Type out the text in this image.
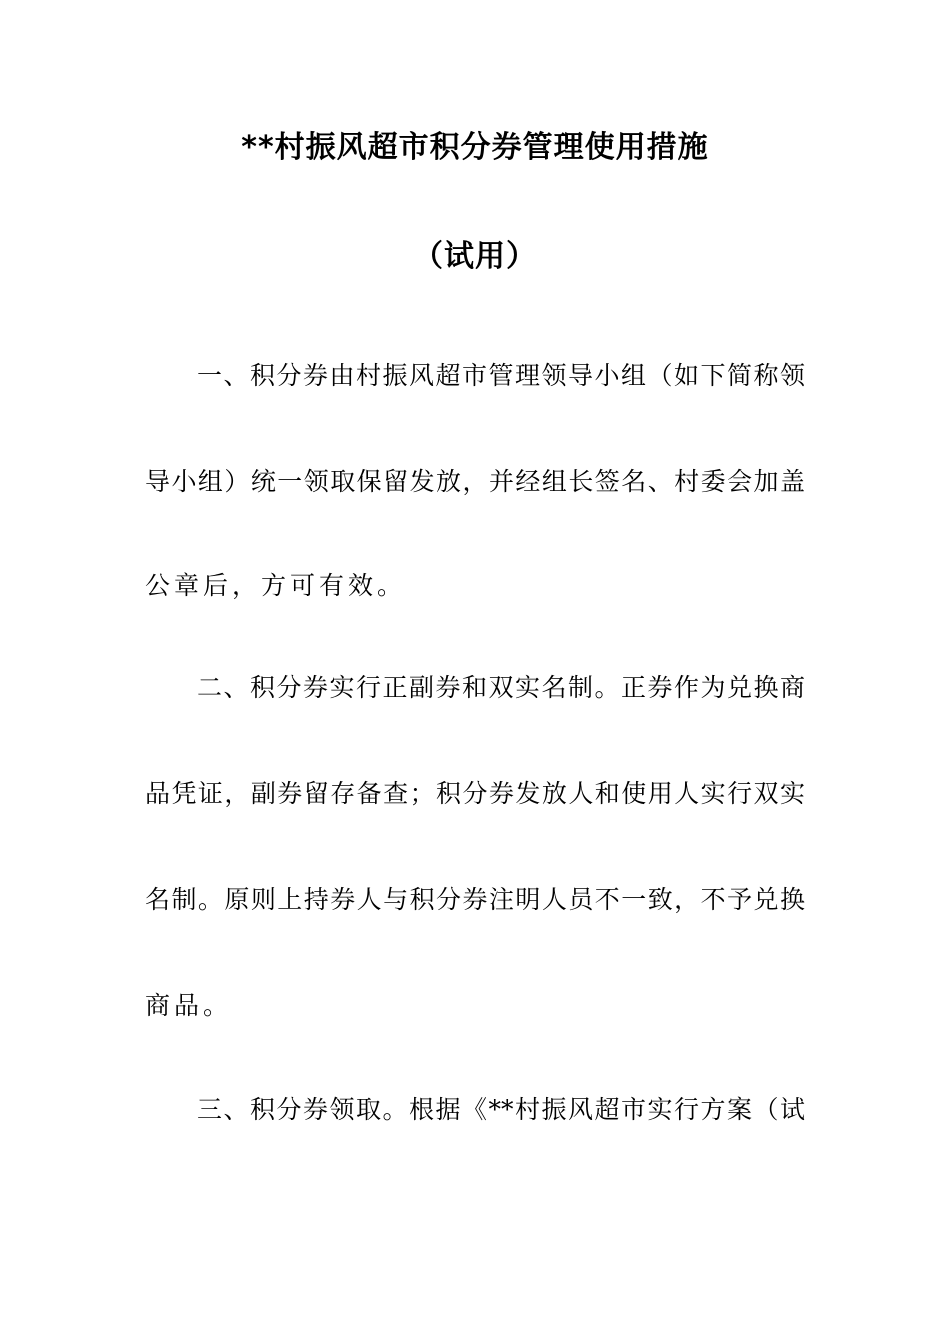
**村振风超市积分券管理使用措施
（试用）
一、积分券由村振风超市管理领导小组（如下简称领
导小组）统一领取保留发放，并经组长签名、村委会加盖
公章后，方可有效。
二、积分券实行正副券和双实名制。正券作为兑换商
品凭证，副券留存备查；积分券发放人和使用人实行双实
名制。原则上持券人与积分券注明人员不一致，不予兑换
商品。
三、积分券领取。根据《**村振风超市实行方案（试
